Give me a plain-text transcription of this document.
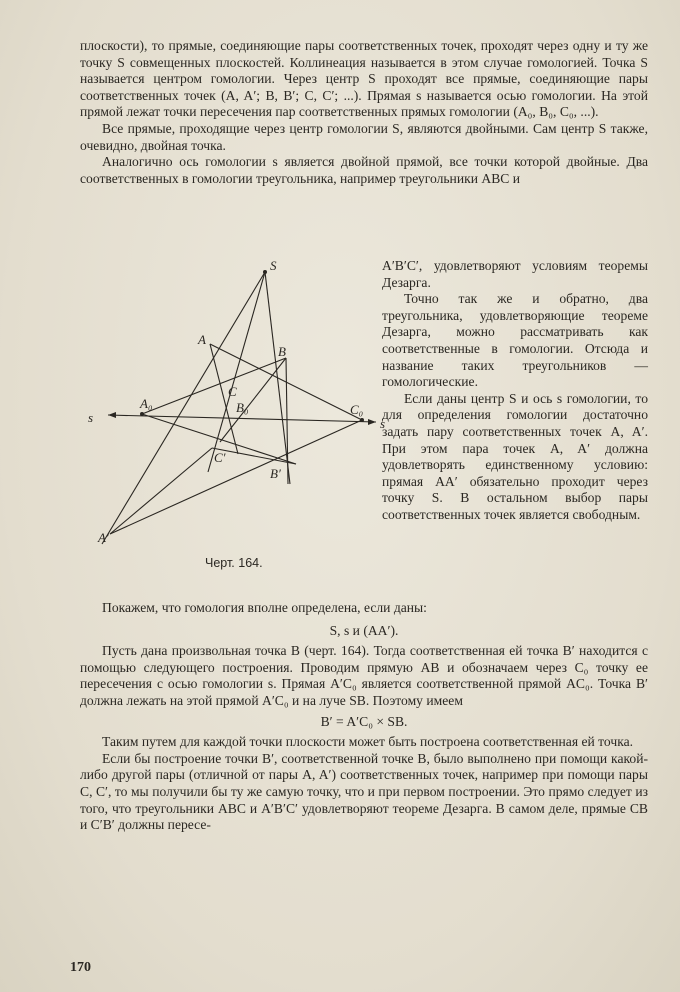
плоскости), то прямые, соединяющие пары соответственных точек, проходят через одну и ту же точку S совмещенных плоскостей. Коллинеация называется в этом случае гомологией. Точка S называется центром гомологии. Через центр S проходят все прямые, соединяющие пары соответственных точек (A, A′; B, B′; C, C′; ...). Прямая s называется осью гомологии. На этой прямой лежат точки пересечения пар соответственных прямых гомологии (A₀, B₀, C₀, ...).

Все прямые, проходящие через центр гомологии S, являются двойными. Сам центр S также, очевидно, двойная точка.

Аналогично ось гомологии s является двойной прямой, все точки которой двойные. Два соответственных в гомологии треугольника, например треугольники ABC и

S
s	s
A
B
C
A₀	B₀	C₀
C′
B′
A′
Черт. 164.

A′B′C′, удовлетворяют условиям теоремы Дезарга.

Точно так же и обратно, два треугольника, удовлетворяющие теореме Дезарга, можно рассматривать как соответственные в гомологии. Отсюда и название таких треугольников — гомологические.

Если даны центр S и ось s гомологии, то для определения гомологии достаточно задать пару соответственных точек A, A′. При этом пара точек A, A′ должна удовлетворять единственному условию: прямая AA′ обязательно проходит через точку S. В остальном выбор пары соответственных точек является свободным.

Покажем, что гомология вполне определена, если даны:

S, s и (AA′).

Пусть дана произвольная точка B (черт. 164). Тогда соответственная ей точка B′ находится с помощью следующего построения. Проводим прямую AB и обозначаем через C₀ точку ее пересечения с осью гомологии s. Прямая A′C₀ является соответственной прямой AC₀. Точка B′ должна лежать на этой прямой A′C₀ и на луче SB. Поэтому имеем

B′ = A′C₀ × SB.

Таким путем для каждой точки плоскости может быть построена соответственная ей точка.

Если бы построение точки B′, соответственной точке B, было выполнено при помощи какой-либо другой пары (отличной от пары A, A′) соответственных точек, например при помощи пары C, C′, то мы получили бы ту же самую точку, что и при первом построении. Это прямо следует из того, что треугольники ABC и A′B′C′ удовлетворяют теореме Дезарга. В самом деле, прямые CB и C′B′ должны пересе-

170
